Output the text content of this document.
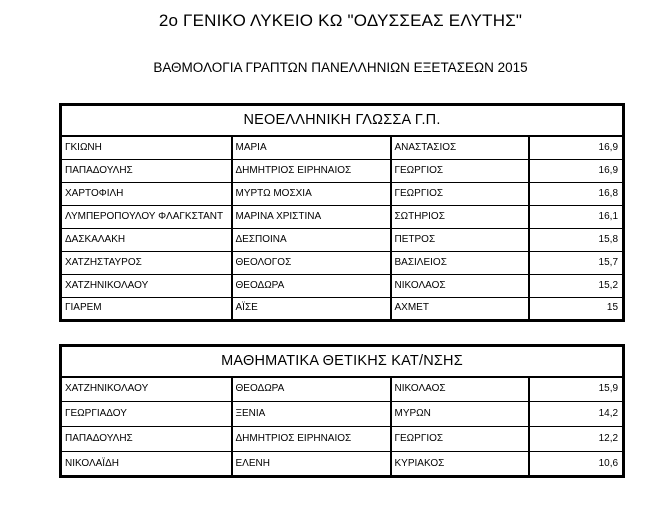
2ο ΓΕΝΙΚΟ ΛΥΚΕΙΟ ΚΩ "ΟΔΥΣΣΕΑΣ ΕΛΥΤΗΣ"
ΒΑΘΜΟΛΟΓΙΑ ΓΡΑΠΤΩΝ ΠΑΝΕΛΛΗΝΙΩΝ ΕΞΕΤΑΣΕΩΝ 2015
ΝΕΟΕΛΛΗΝΙΚΗ ΓΛΩΣΣΑ Γ.Π.			
ΓΚΙΩΝΗ	ΜΑΡΙΑ	ΑΝΑΣΤΑΣΙΟΣ	16,9
ΠΑΠΑΔΟΥΛΗΣ	ΔΗΜΗΤΡΙΟΣ ΕΙΡΗΝΑΙΟΣ	ΓΕΩΡΓΙΟΣ	16,9
ΧΑΡΤΟΦΙΛΗ	ΜΥΡΤΩ ΜΟΣΧΙΑ	ΓΕΩΡΓΙΟΣ	16,8
ΛΥΜΠΕΡΟΠΟΥΛΟΥ ΦΛΑΓΚΣΤΑΝΤ	ΜΑΡΙΝΑ ΧΡΙΣΤΙΝΑ	ΣΩΤΗΡΙΟΣ	16,1
ΔΑΣΚΑΛΑΚΗ	ΔΕΣΠΟΙΝΑ	ΠΕΤΡΟΣ	15,8
ΧΑΤΖΗΣΤΑΥΡΟΣ	ΘΕΟΛΟΓΟΣ	ΒΑΣΙΛΕΙΟΣ	15,7
ΧΑΤΖΗΝΙΚΟΛΑΟΥ	ΘΕΟΔΩΡΑ	ΝΙΚΟΛΑΟΣ	15,2
ΓΙΑΡΕΜ	ΑΪΣΕ	ΑΧΜΕΤ	15
ΜΑΘΗΜΑΤΙΚΑ ΘΕΤΙΚΗΣ ΚΑΤ/ΝΣΗΣ			
ΧΑΤΖΗΝΙΚΟΛΑΟΥ	ΘΕΟΔΩΡΑ	ΝΙΚΟΛΑΟΣ	15,9
ΓΕΩΡΓΙΑΔΟΥ	ΞΕΝΙΑ	ΜΥΡΩΝ	14,2
ΠΑΠΑΔΟΥΛΗΣ	ΔΗΜΗΤΡΙΟΣ ΕΙΡΗΝΑΙΟΣ	ΓΕΩΡΓΙΟΣ	12,2
ΝΙΚΟΛΑΪΔΗ	ΕΛΕΝΗ	ΚΥΡΙΑΚΟΣ	10,6
